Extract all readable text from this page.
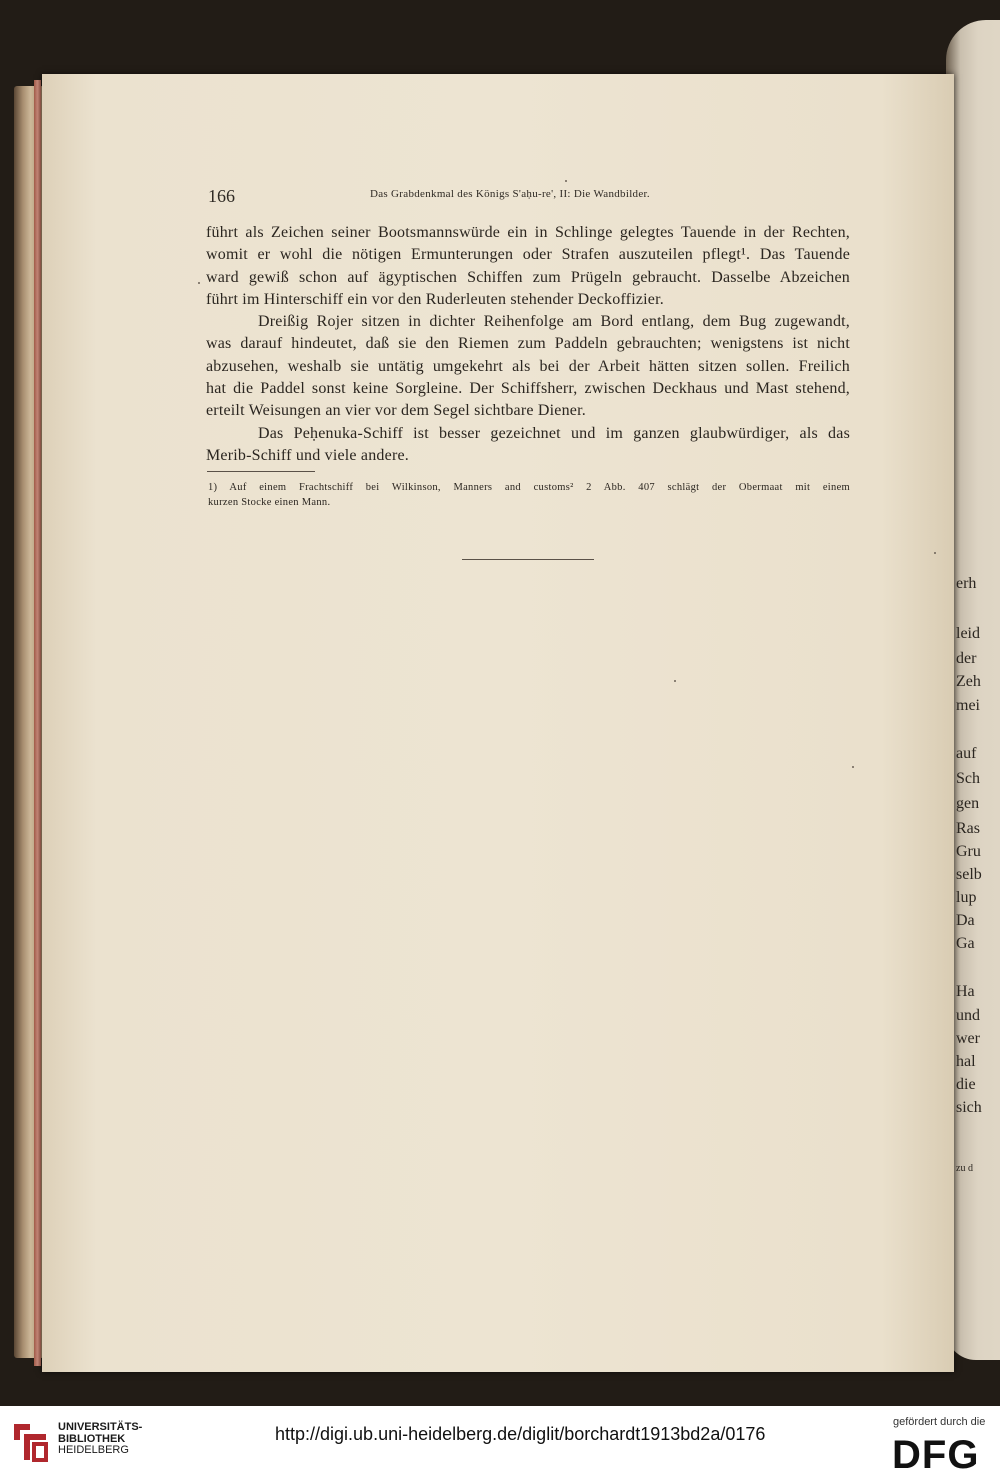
166	Das Grabdenkmal des Königs S'aḥu-re', II: Die Wandbilder.
führt als Zeichen seiner Bootsmannswürde ein in Schlinge gelegtes Tauende in der Rechten,
womit er wohl die nötigen Ermunterungen oder Strafen auszuteilen pflegt¹. Das Tauende
ward gewiß schon auf ägyptischen Schiffen zum Prügeln gebraucht. Dasselbe Abzeichen
führt im Hinterschiff ein vor den Ruderleuten stehender Deckoffizier.
Dreißig Rojer sitzen in dichter Reihenfolge am Bord entlang, dem Bug zugewandt,
was darauf hindeutet, daß sie den Riemen zum Paddeln gebrauchten; wenigstens ist nicht
abzusehen, weshalb sie untätig umgekehrt als bei der Arbeit hätten sitzen sollen. Freilich
hat die Paddel sonst keine Sorgleine. Der Schiffsherr, zwischen Deckhaus und Mast stehend,
erteilt Weisungen an vier vor dem Segel sichtbare Diener.
Das Peḥenuka-Schiff ist besser gezeichnet und im ganzen glaubwürdiger, als das
Merib-Schiff und viele andere.
1) Auf einem Frachtschiff bei Wilkinson, Manners and customs² 2 Abb. 407 schlägt der Obermaat mit einem
kurzen Stocke einen Mann.
erh
leid
der
Zeh
mei
auf
Sch
gen
Ras
Gru
selb
lup
Da
Ga
Ha
und
wer
hal
die
sich
zu d
UNIVERSITÄTS-
BIBLIOTHEK
HEIDELBERG
http://digi.ub.uni-heidelberg.de/diglit/borchardt1913bd2a/0176
gefördert durch die
DFG
